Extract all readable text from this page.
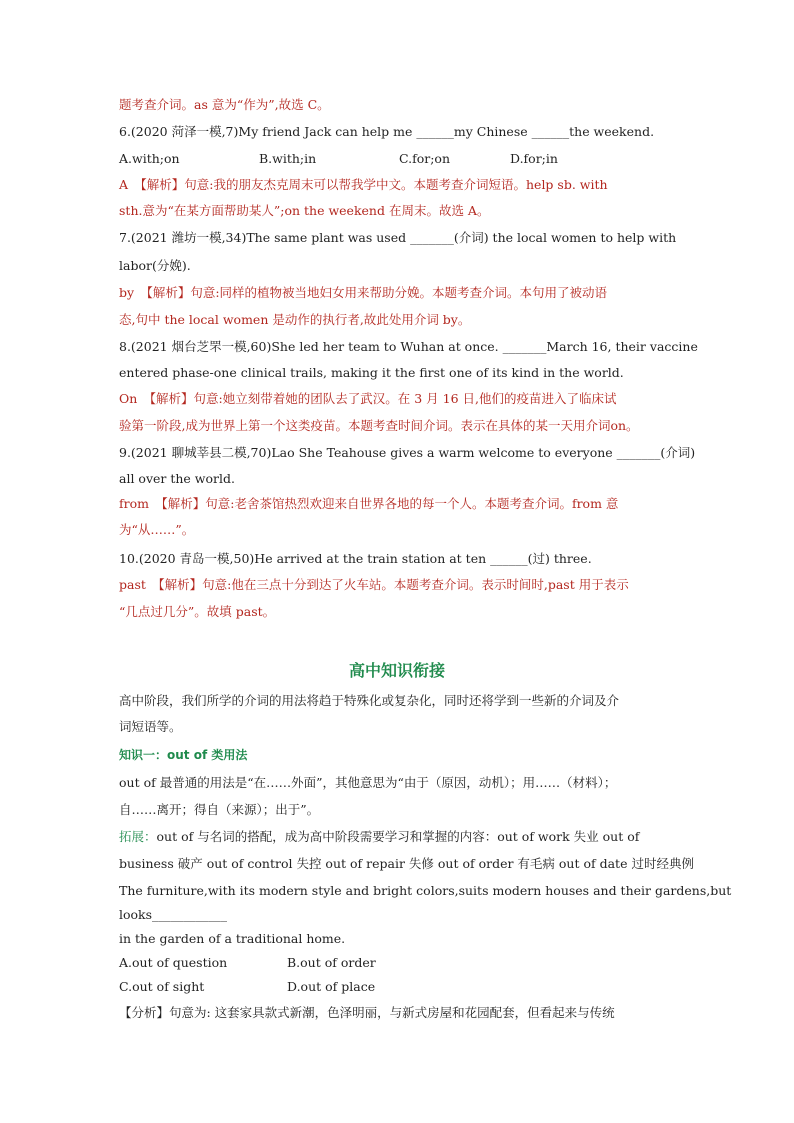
题考查介词。as 意为“作为”,故选 C。
6.(2020 菏泽一模,7)My friend Jack can help me ______my Chinese ______the weekend.
A.with;on	B.with;in	C.for;on	D.for;in
A　【解析】句意:我的朋友杰克周末可以帮我学中文。本题考查介词短语。help sb. with
sth.意为“在某方面帮助某人”;on the weekend 在周末。故选 A。
7.(2021 潍坊一模,34)The same plant was used _______(介词) the local women to help with
labor(分娩).
by　【解析】句意:同样的植物被当地妇女用来帮助分娩。本题考查介词。本句用了被动语
态,句中 the local women 是动作的执行者,故此处用介词 by。
8.(2021 烟台芝罘一模,60)She led her team to Wuhan at once. _______March 16, their vaccine
entered phase-one clinical trails, making it the first one of its kind in the world.
On　【解析】句意:她立刻带着她的团队去了武汉。在 3 月 16 日,他们的疫苗进入了临床试
验第一阶段,成为世界上第一个这类疫苗。本题考查时间介词。表示在具体的某一天用介词on。
9.(2021 聊城莘县二模,70)Lao She Teahouse gives a warm welcome to everyone _______(介词)
all over the world.
from　【解析】句意:老舍茶馆热烈欢迎来自世界各地的每一个人。本题考查介词。from 意
为“从……”。
10.(2020 青岛一模,50)He arrived at the train station at ten ______(过) three.
past　【解析】句意:他在三点十分到达了火车站。本题考查介词。表示时间时,past 用于表示
“几点过几分”。故填 past。
高中知识衔接
高中阶段，我们所学的介词的用法将趋于特殊化或复杂化，同时还将学到一些新的介词及介
词短语等。
知识一：out of 类用法
out of 最普通的用法是“在……外面”，其他意思为“由于（原因，动机）；用……（材料）；
自……离开；得自（来源）；出于”。
拓展：out of 与名词的搭配，成为高中阶段需要学习和掌握的内容：out of work 失业 out of
business 破产 out of control 失控 out of repair 失修 out of order 有毛病 out of date 过时经典例
The furniture,with its modern style and bright colors,suits modern houses and their gardens,but
looks____________
in the garden of a traditional home.
A.out of question	B.out of order
C.out of sight	D.out of place
【分析】句意为: 这套家具款式新潮，色泽明丽，与新式房屋和花园配套，但看起来与传统
